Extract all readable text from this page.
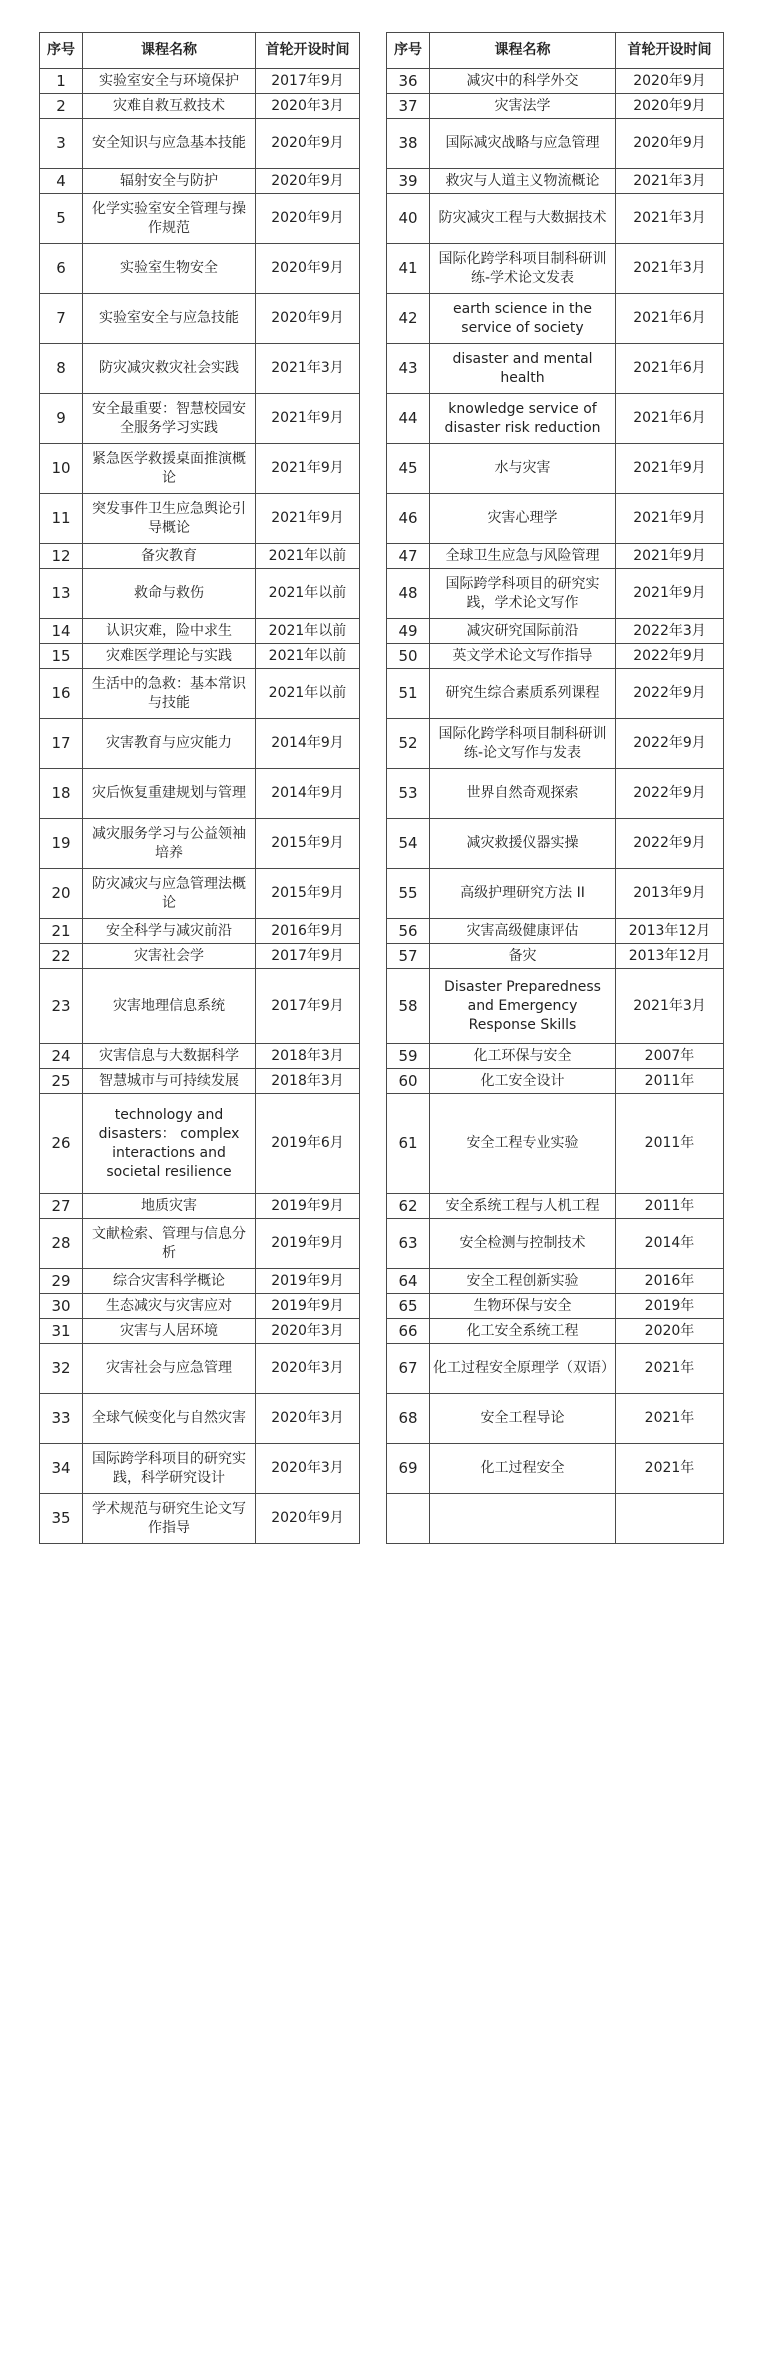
序号	课程名称	首轮开设时间
1	实验室安全与环境保护	2017年9月
2	灾难自救互救技术	2020年3月
3	安全知识与应急基本技能	2020年9月
4	辐射安全与防护	2020年9月
5	化学实验室安全管理与操作规范	2020年9月
6	实验室生物安全	2020年9月
7	实验室安全与应急技能	2020年9月
8	防灾减灾救灾社会实践	2021年3月
9	安全最重要：智慧校园安全服务学习实践	2021年9月
10	紧急医学救援桌面推演概论	2021年9月
11	突发事件卫生应急舆论引导概论	2021年9月
12	备灾教育	2021年以前
13	救命与救伤	2021年以前
14	认识灾难，险中求生	2021年以前
15	灾难医学理论与实践	2021年以前
16	生活中的急救：基本常识与技能	2021年以前
17	灾害教育与应灾能力	2014年9月
18	灾后恢复重建规划与管理	2014年9月
19	减灾服务学习与公益领袖培养	2015年9月
20	防灾减灾与应急管理法概论	2015年9月
21	安全科学与减灾前沿	2016年9月
22	灾害社会学	2017年9月
23	灾害地理信息系统	2017年9月
24	灾害信息与大数据科学	2018年3月
25	智慧城市与可持续发展	2018年3月
26	technology and disasters： complex interactions and societal resilience	2019年6月
27	地质灾害	2019年9月
28	文献检索、管理与信息分析	2019年9月
29	综合灾害科学概论	2019年9月
30	生态减灾与灾害应对	2019年9月
31	灾害与人居环境	2020年3月
32	灾害社会与应急管理	2020年3月
33	全球气候变化与自然灾害	2020年3月
34	国际跨学科项目的研究实践，科学研究设计	2020年3月
35	学术规范与研究生论文写作指导	2020年9月
序号	课程名称	首轮开设时间
36	减灾中的科学外交	2020年9月
37	灾害法学	2020年9月
38	国际减灾战略与应急管理	2020年9月
39	救灾与人道主义物流概论	2021年3月
40	防灾减灾工程与大数据技术	2021年3月
41	国际化跨学科项目制科研训练-学术论文发表	2021年3月
42	earth science in the service of society	2021年6月
43	disaster and mental health	2021年6月
44	knowledge service of disaster risk reduction	2021年6月
45	水与灾害	2021年9月
46	灾害心理学	2021年9月
47	全球卫生应急与风险管理	2021年9月
48	国际跨学科项目的研究实践，学术论文写作	2021年9月
49	减灾研究国际前沿	2022年3月
50	英文学术论文写作指导	2022年9月
51	研究生综合素质系列课程	2022年9月
52	国际化跨学科项目制科研训练-论文写作与发表	2022年9月
53	世界自然奇观探索	2022年9月
54	减灾救援仪器实操	2022年9月
55	高级护理研究方法 II	2013年9月
56	灾害高级健康评估	2013年12月
57	备灾	2013年12月
58	Disaster Preparedness and Emergency Response Skills	2021年3月
59	化工环保与安全	2007年
60	化工安全设计	2011年
61	安全工程专业实验	2011年
62	安全系统工程与人机工程	2011年
63	安全检测与控制技术	2014年
64	安全工程创新实验	2016年
65	生物环保与安全	2019年
66	化工安全系统工程	2020年
67	化工过程安全原理学（双语）	2021年
68	安全工程导论	2021年
69	化工过程安全	2021年
